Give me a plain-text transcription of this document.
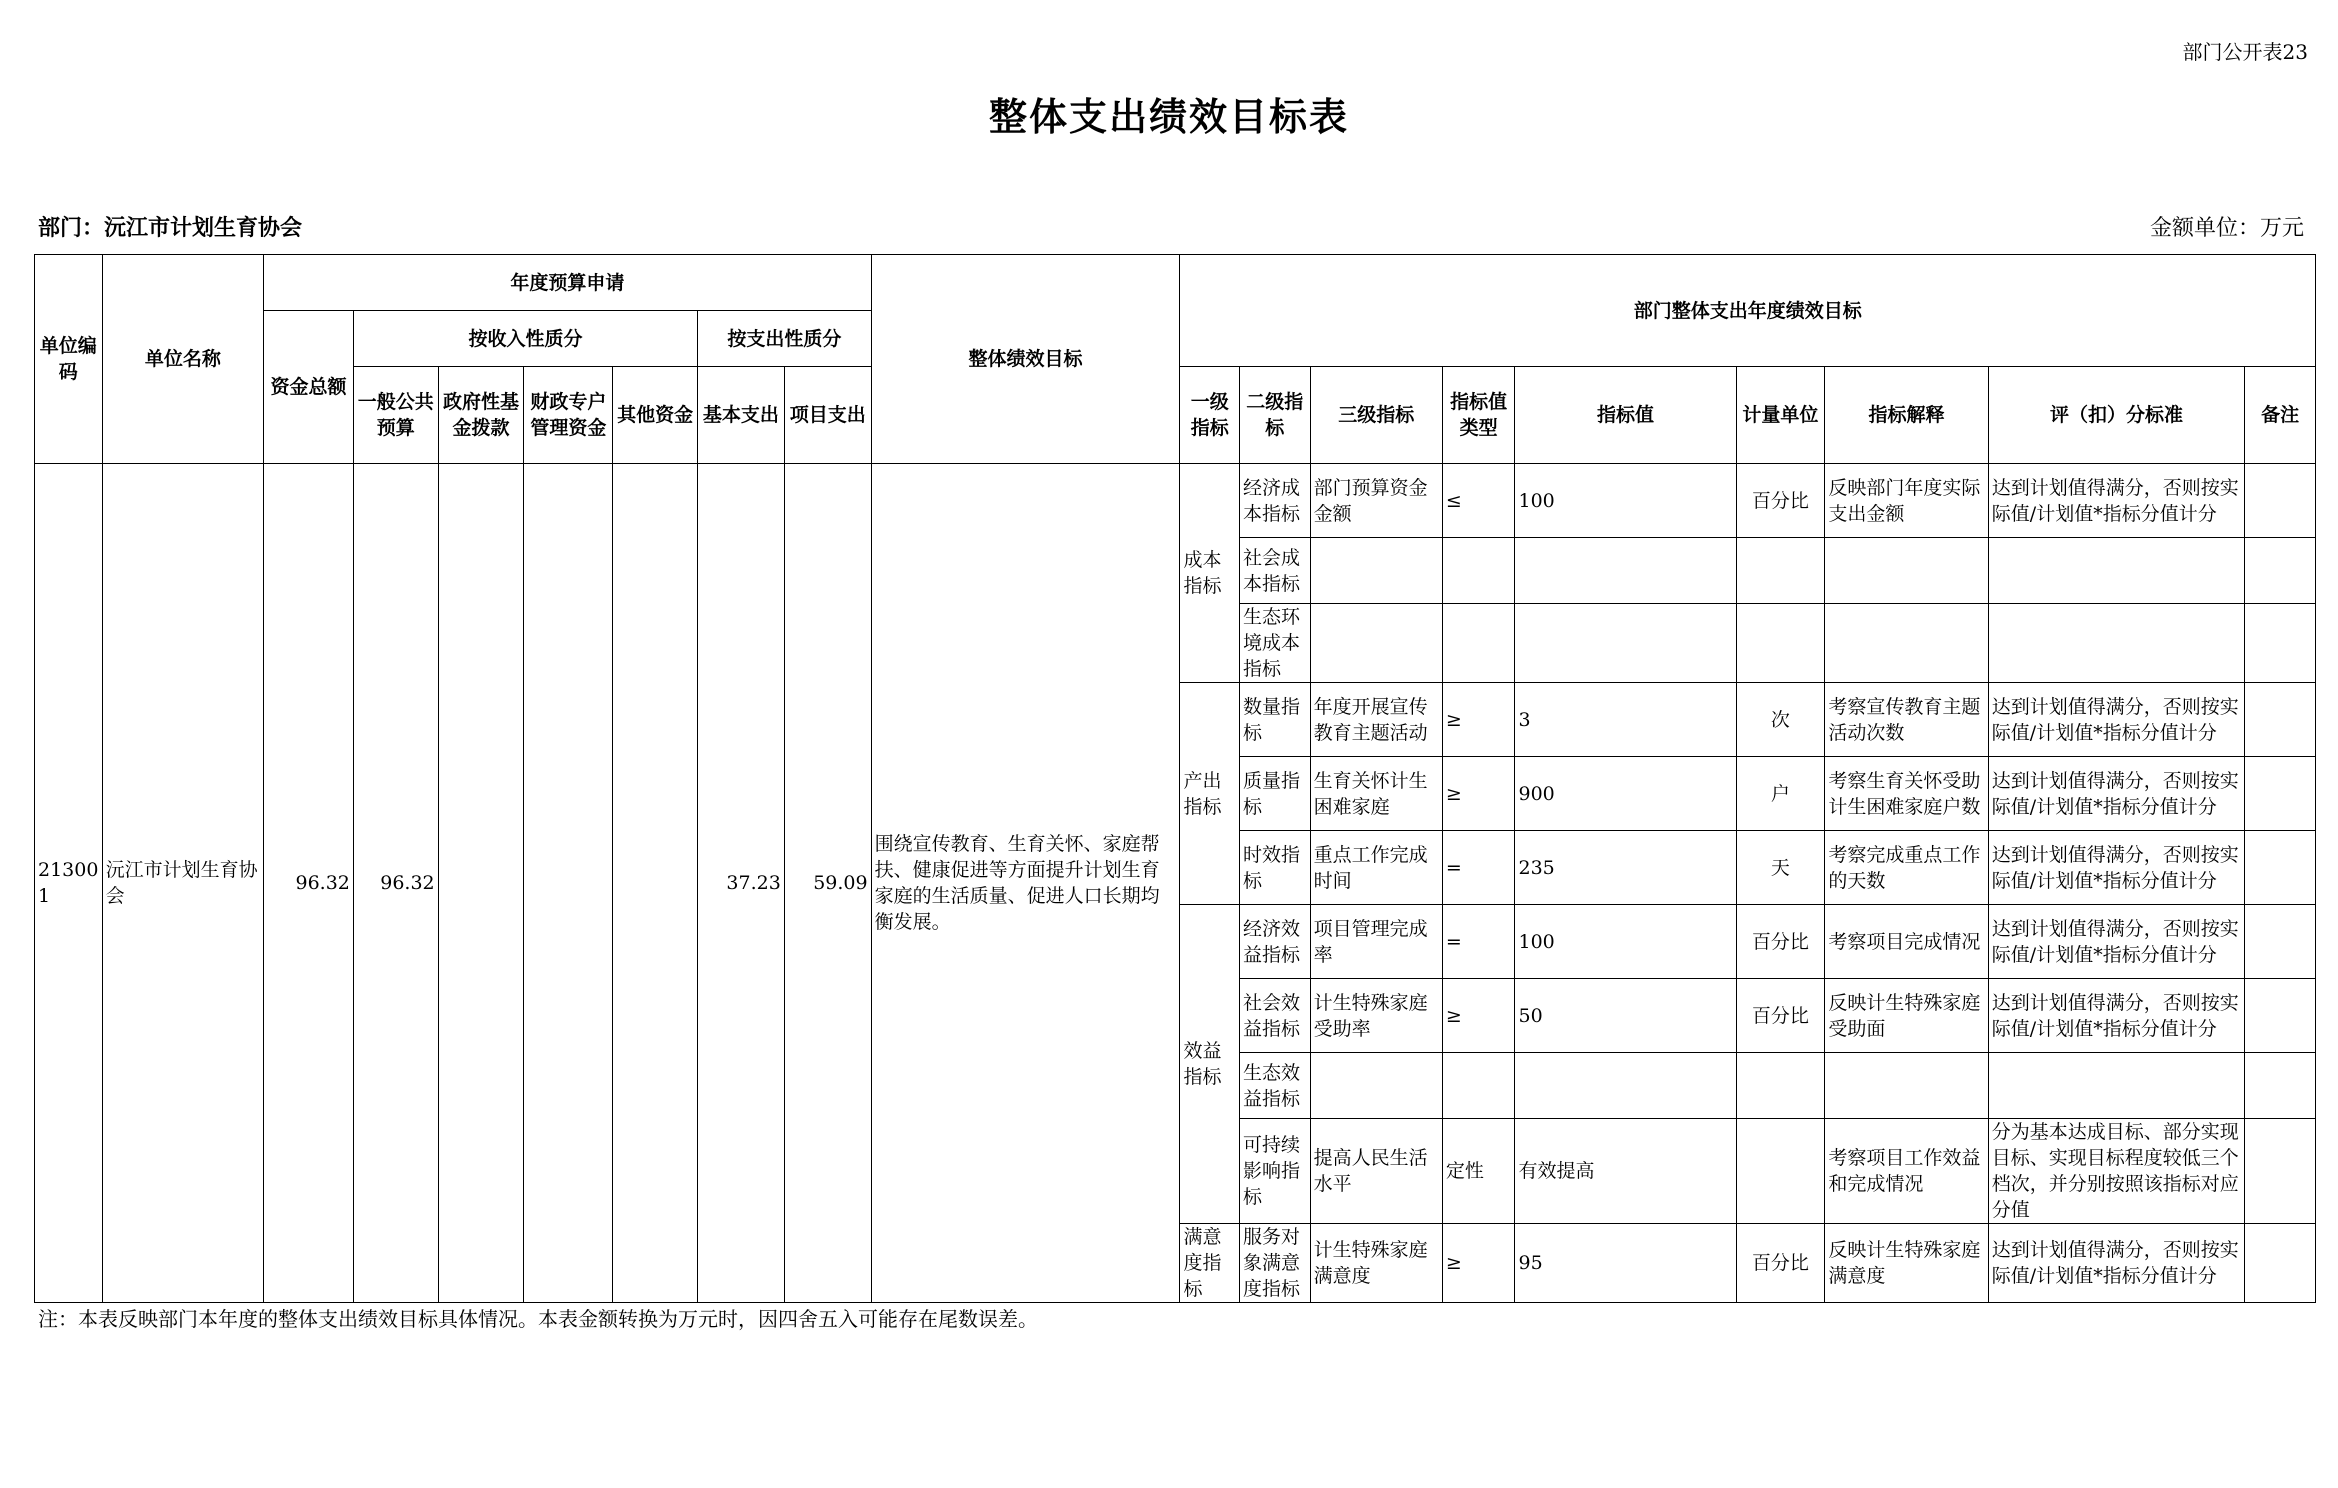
部门公开表23
整体支出绩效目标表
部门：沅江市计划生育协会	金额单位：万元
单位编码	单位名称	年度预算申请							整体绩效目标	部门整体支出年度绩效目标								
		资金总额	按收入性质分				按支出性质分											
			一般公共预算	政府性基金拨款	财政专户管理资金	其他资金	基本支出	项目支出		一级指标	二级指标	三级指标	指标值类型	指标值	计量单位	指标解释	评（扣）分标准	备注
213001	沅江市计划生育协会	96.32	96.32				37.23	59.09	围绕宣传教育、生育关怀、家庭帮扶、健康促进等方面提升计划生育家庭的生活质量、促进人口长期均衡发展。	成本指标	经济成本指标	部门预算资金金额	≤	100	百分比	反映部门年度实际支出金额	达到计划值得满分，否则按实际值/计划值*指标分值计分	
											社会成本指标							
											生态环境成本指标							
										产出指标	数量指标	年度开展宣传教育主题活动	≥	3	次	考察宣传教育主题活动次数	达到计划值得满分，否则按实际值/计划值*指标分值计分	
											质量指标	生育关怀计生困难家庭	≥	900	户	考察生育关怀受助计生困难家庭户数	达到计划值得满分，否则按实际值/计划值*指标分值计分	
											时效指标	重点工作完成时间	=	235	天	考察完成重点工作的天数	达到计划值得满分，否则按实际值/计划值*指标分值计分	
										效益指标	经济效益指标	项目管理完成率	=	100	百分比	考察项目完成情况	达到计划值得满分，否则按实际值/计划值*指标分值计分	
											社会效益指标	计生特殊家庭受助率	≥	50	百分比	反映计生特殊家庭受助面	达到计划值得满分，否则按实际值/计划值*指标分值计分	
											生态效益指标							
											可持续影响指标	提高人民生活水平	定性	有效提高		考察项目工作效益和完成情况	分为基本达成目标、部分实现目标、实现目标程度较低三个档次，并分别按照该指标对应分值	
										满意度指标	服务对象满意度指标	计生特殊家庭满意度	≥	95	百分比	反映计生特殊家庭满意度	达到计划值得满分，否则按实际值/计划值*指标分值计分	
注：本表反映部门本年度的整体支出绩效目标具体情况。本表金额转换为万元时，因四舍五入可能存在尾数误差。
